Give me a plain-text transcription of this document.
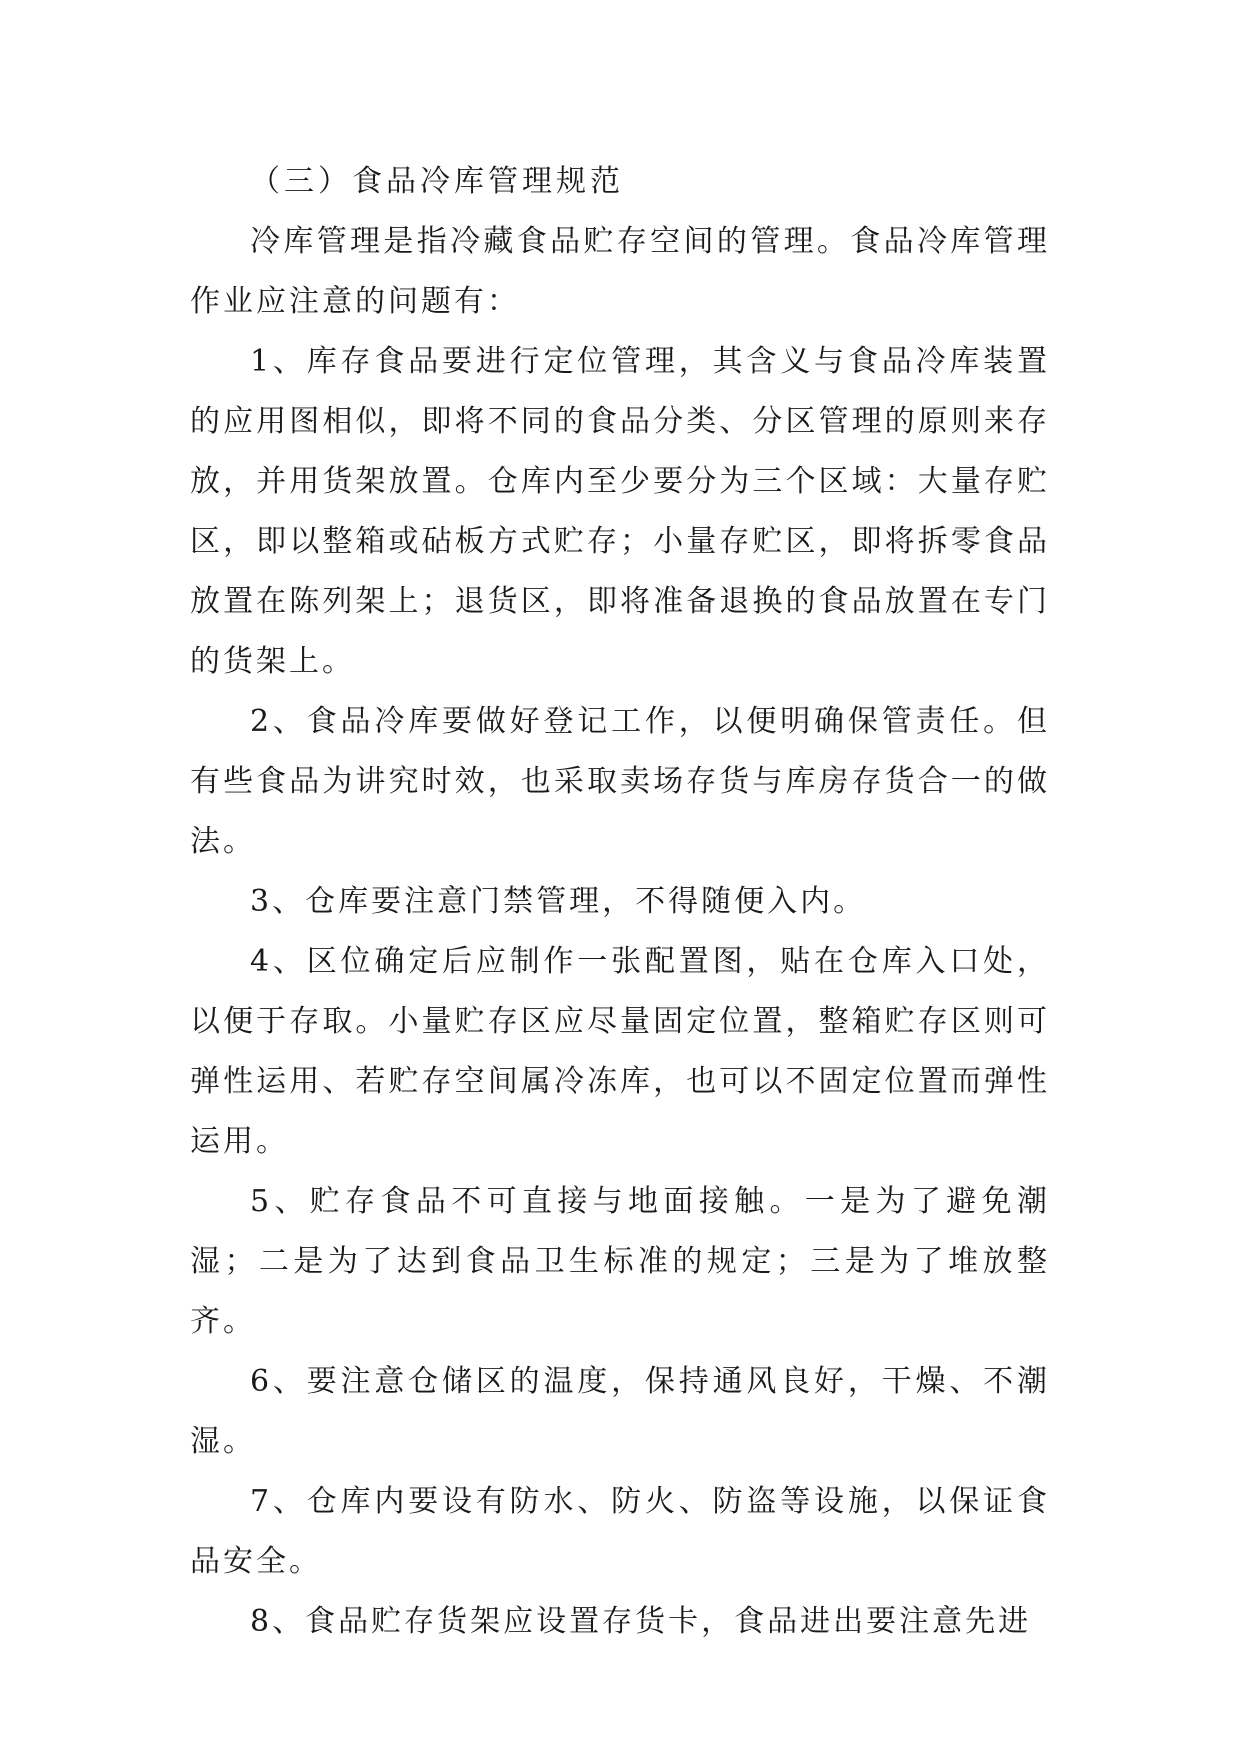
（三）食品冷库管理规范

冷库管理是指冷藏食品贮存空间的管理。食品冷库管理作业应注意的问题有：

1、库存食品要进行定位管理，其含义与食品冷库装置的应用图相似，即将不同的食品分类、分区管理的原则来存放，并用货架放置。仓库内至少要分为三个区域：大量存贮区，即以整箱或砧板方式贮存；小量存贮区，即将拆零食品放置在陈列架上；退货区，即将准备退换的食品放置在专门的货架上。

2、食品冷库要做好登记工作，以便明确保管责任。但有些食品为讲究时效，也采取卖场存货与库房存货合一的做法。

3、仓库要注意门禁管理，不得随便入内。

4、区位确定后应制作一张配置图，贴在仓库入口处，以便于存取。小量贮存区应尽量固定位置，整箱贮存区则可弹性运用、若贮存空间属冷冻库，也可以不固定位置而弹性运用。

5、贮存食品不可直接与地面接触。一是为了避免潮湿；二是为了达到食品卫生标准的规定；三是为了堆放整齐。

6、要注意仓储区的温度，保持通风良好，干燥、不潮湿。

7、仓库内要设有防水、防火、防盗等设施，以保证食品安全。

8、食品贮存货架应设置存货卡，食品进出要注意先进
